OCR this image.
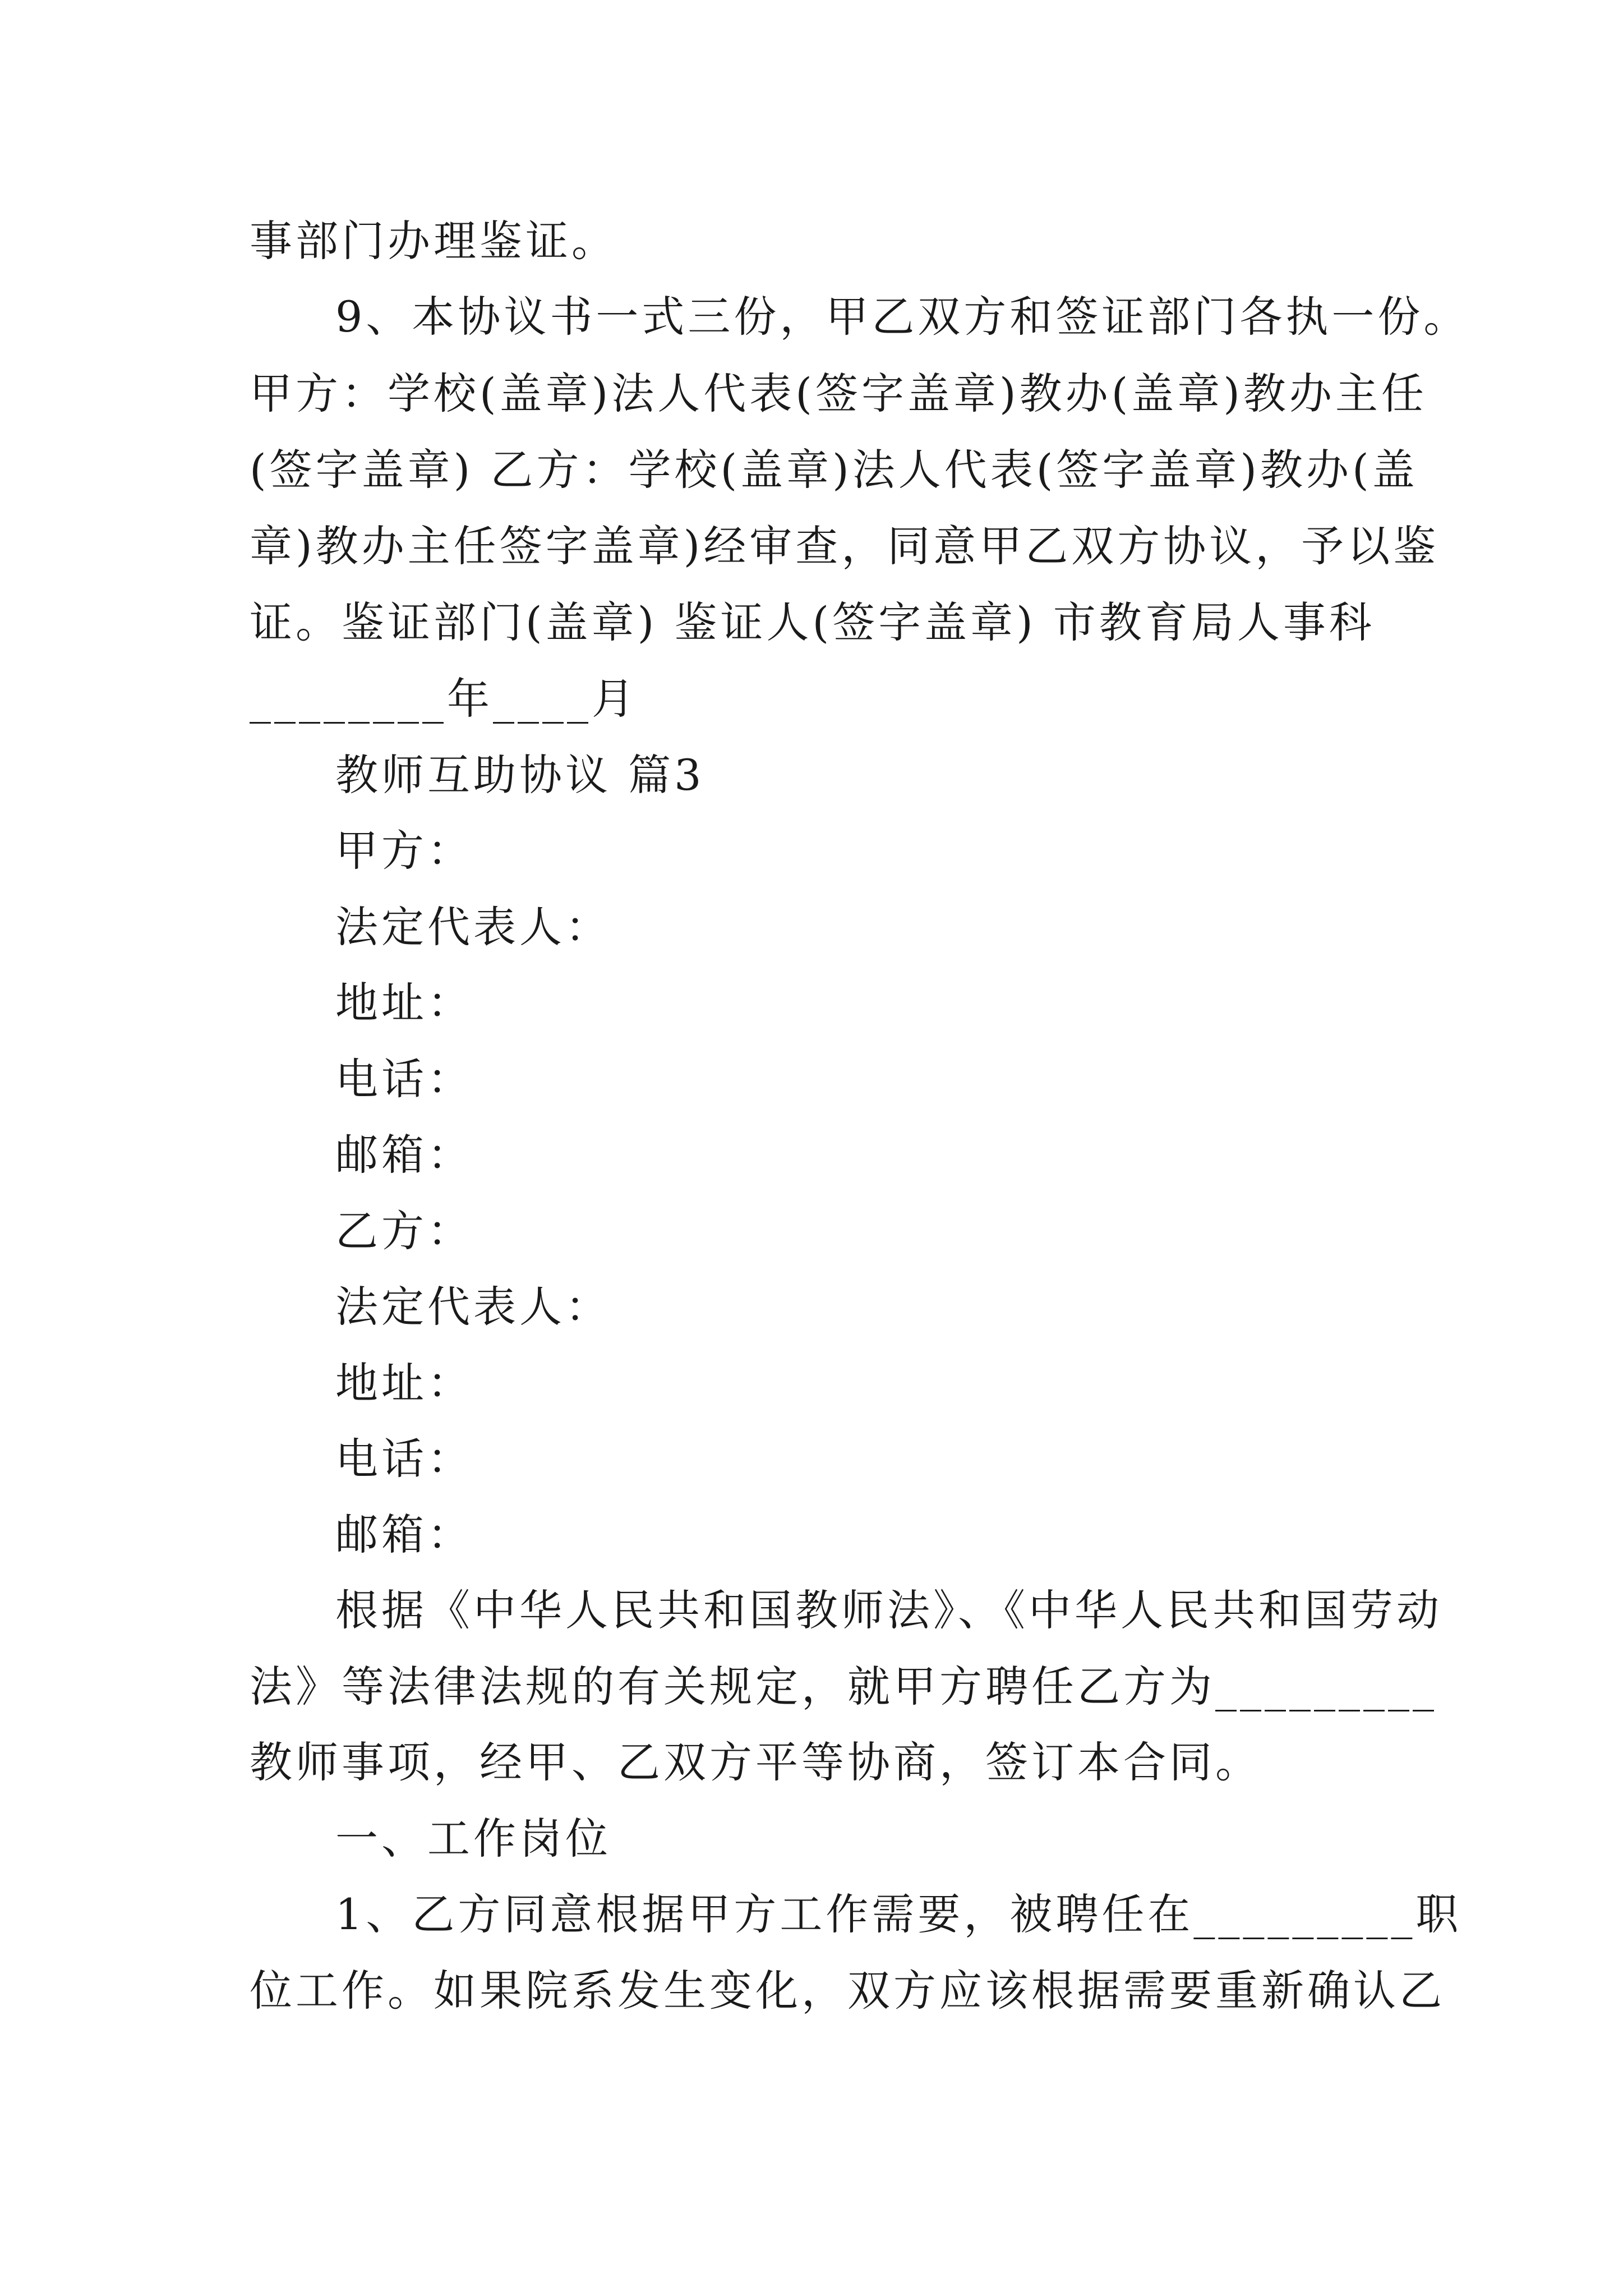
事部门办理鉴证。
9、本协议书一式三份，甲乙双方和签证部门各执一份。
甲方：学校(盖章)法人代表(签字盖章)教办(盖章)教办主任
(签字盖章) 乙方：学校(盖章)法人代表(签字盖章)教办(盖
章)教办主任签字盖章)经审查，同意甲乙双方协议，予以鉴
证。鉴证部门(盖章) 鉴证人(签字盖章) 市教育局人事科
________年____月
教师互助协议 篇3
甲方：
法定代表人：
地址：
电话：
邮箱：
乙方：
法定代表人：
地址：
电话：
邮箱：
根据《中华人民共和国教师法》、《中华人民共和国劳动
法》等法律法规的有关规定，就甲方聘任乙方为_________
教师事项，经甲、乙双方平等协商，签订本合同。
一、工作岗位
1、乙方同意根据甲方工作需要，被聘任在_________职
位工作。如果院系发生变化，双方应该根据需要重新确认乙
